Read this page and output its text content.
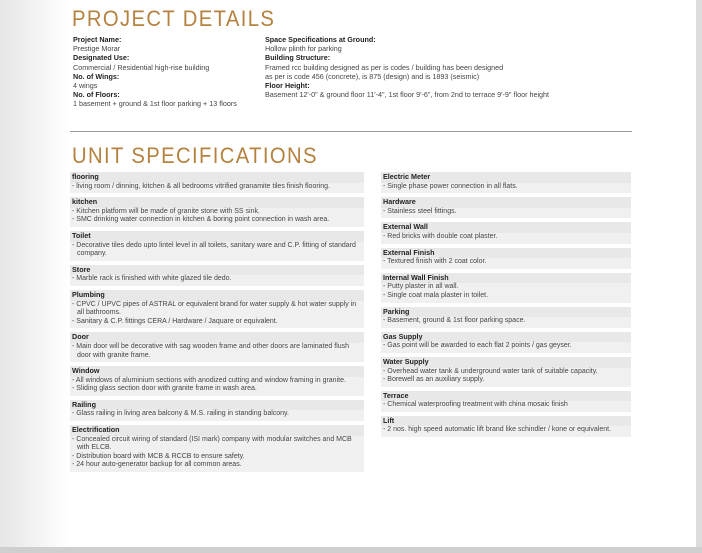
PROJECT DETAILS
Project Name:
Prestige Morar
Designated Use:
Commercial / Residential high-rise building
No. of Wings:
4 wings
No. of Floors:
1 basement + ground & 1st floor parking + 13 floors
Space Specifications at Ground:
Hollow plinth for parking
Building Structure:
Framed rcc building designed as per is codes / building has been designed
as per is code 456 (concrete), is 875 (design) and is 1893 (seismic)
Floor Height:
Basement 12'-0" & ground floor 11'-4", 1st floor 9'-6", from 2nd to terrace 9'-9" floor height
UNIT SPECIFICATIONS
flooring
- living room / dinning, kitchen & all bedrooms vitrified granamite tiles finish flooring.
kitchen
- Kitchen platform will be made of granite stone with SS sink.
- SMC drinking water connection in kitchen & boring point connection in wash area.
Toilet
- Decorative tiles dedo upto lintel level in all toilets, sanitary ware and C.P. fitting of standard company.
Store
- Marble rack is finished with white glazed tile dedo.
Plumbing
- CPVC / UPVC pipes of ASTRAL or equivalent brand for water supply & hot water supply in all bathrooms.
- Sanitary & C.P. fittings CERA / Hardware / Jaquare or equivalent.
Door
- Main door will be decorative with sag wooden frame and other doors are laminated flush door with granite frame.
Window
- All windows of aluminium sections with anodized cutting and window framing in granite.
- Sliding glass section door with granite frame in wash area.
Railing
- Glass railing in living area balcony & M.S. railing in standing balcony.
Electrification
- Concealed circuit wiring of standard (ISI mark) company with modular switches and MCB with ELCB.
- Distribution board with MCB & RCCB to ensure safety.
- 24 hour auto-generator backup for all common areas.
Electric Meter
- Single phase power connection in all flats.
Hardware
- Stainless steel fittings.
External Wall
- Red bricks with double coat plaster.
External Finish
- Textured finish with 2 coat color.
Internal Wall Finish
- Putty plaster in all wall.
- Single coat mala plaster in toilet.
Parking
- Basement, ground & 1st floor parking space.
Gas Supply
- Gas point will be awarded to each flat 2 points / gas geyser.
Water Supply
- Overhead water tank & underground water tank of suitable capacity.
- Borewell as an auxiliary supply.
Terrace
- Chemical waterproofing treatment with china mosaic finish
Lift
- 2 nos. high speed automatic lift brand like schindler / kone or equivalent.
